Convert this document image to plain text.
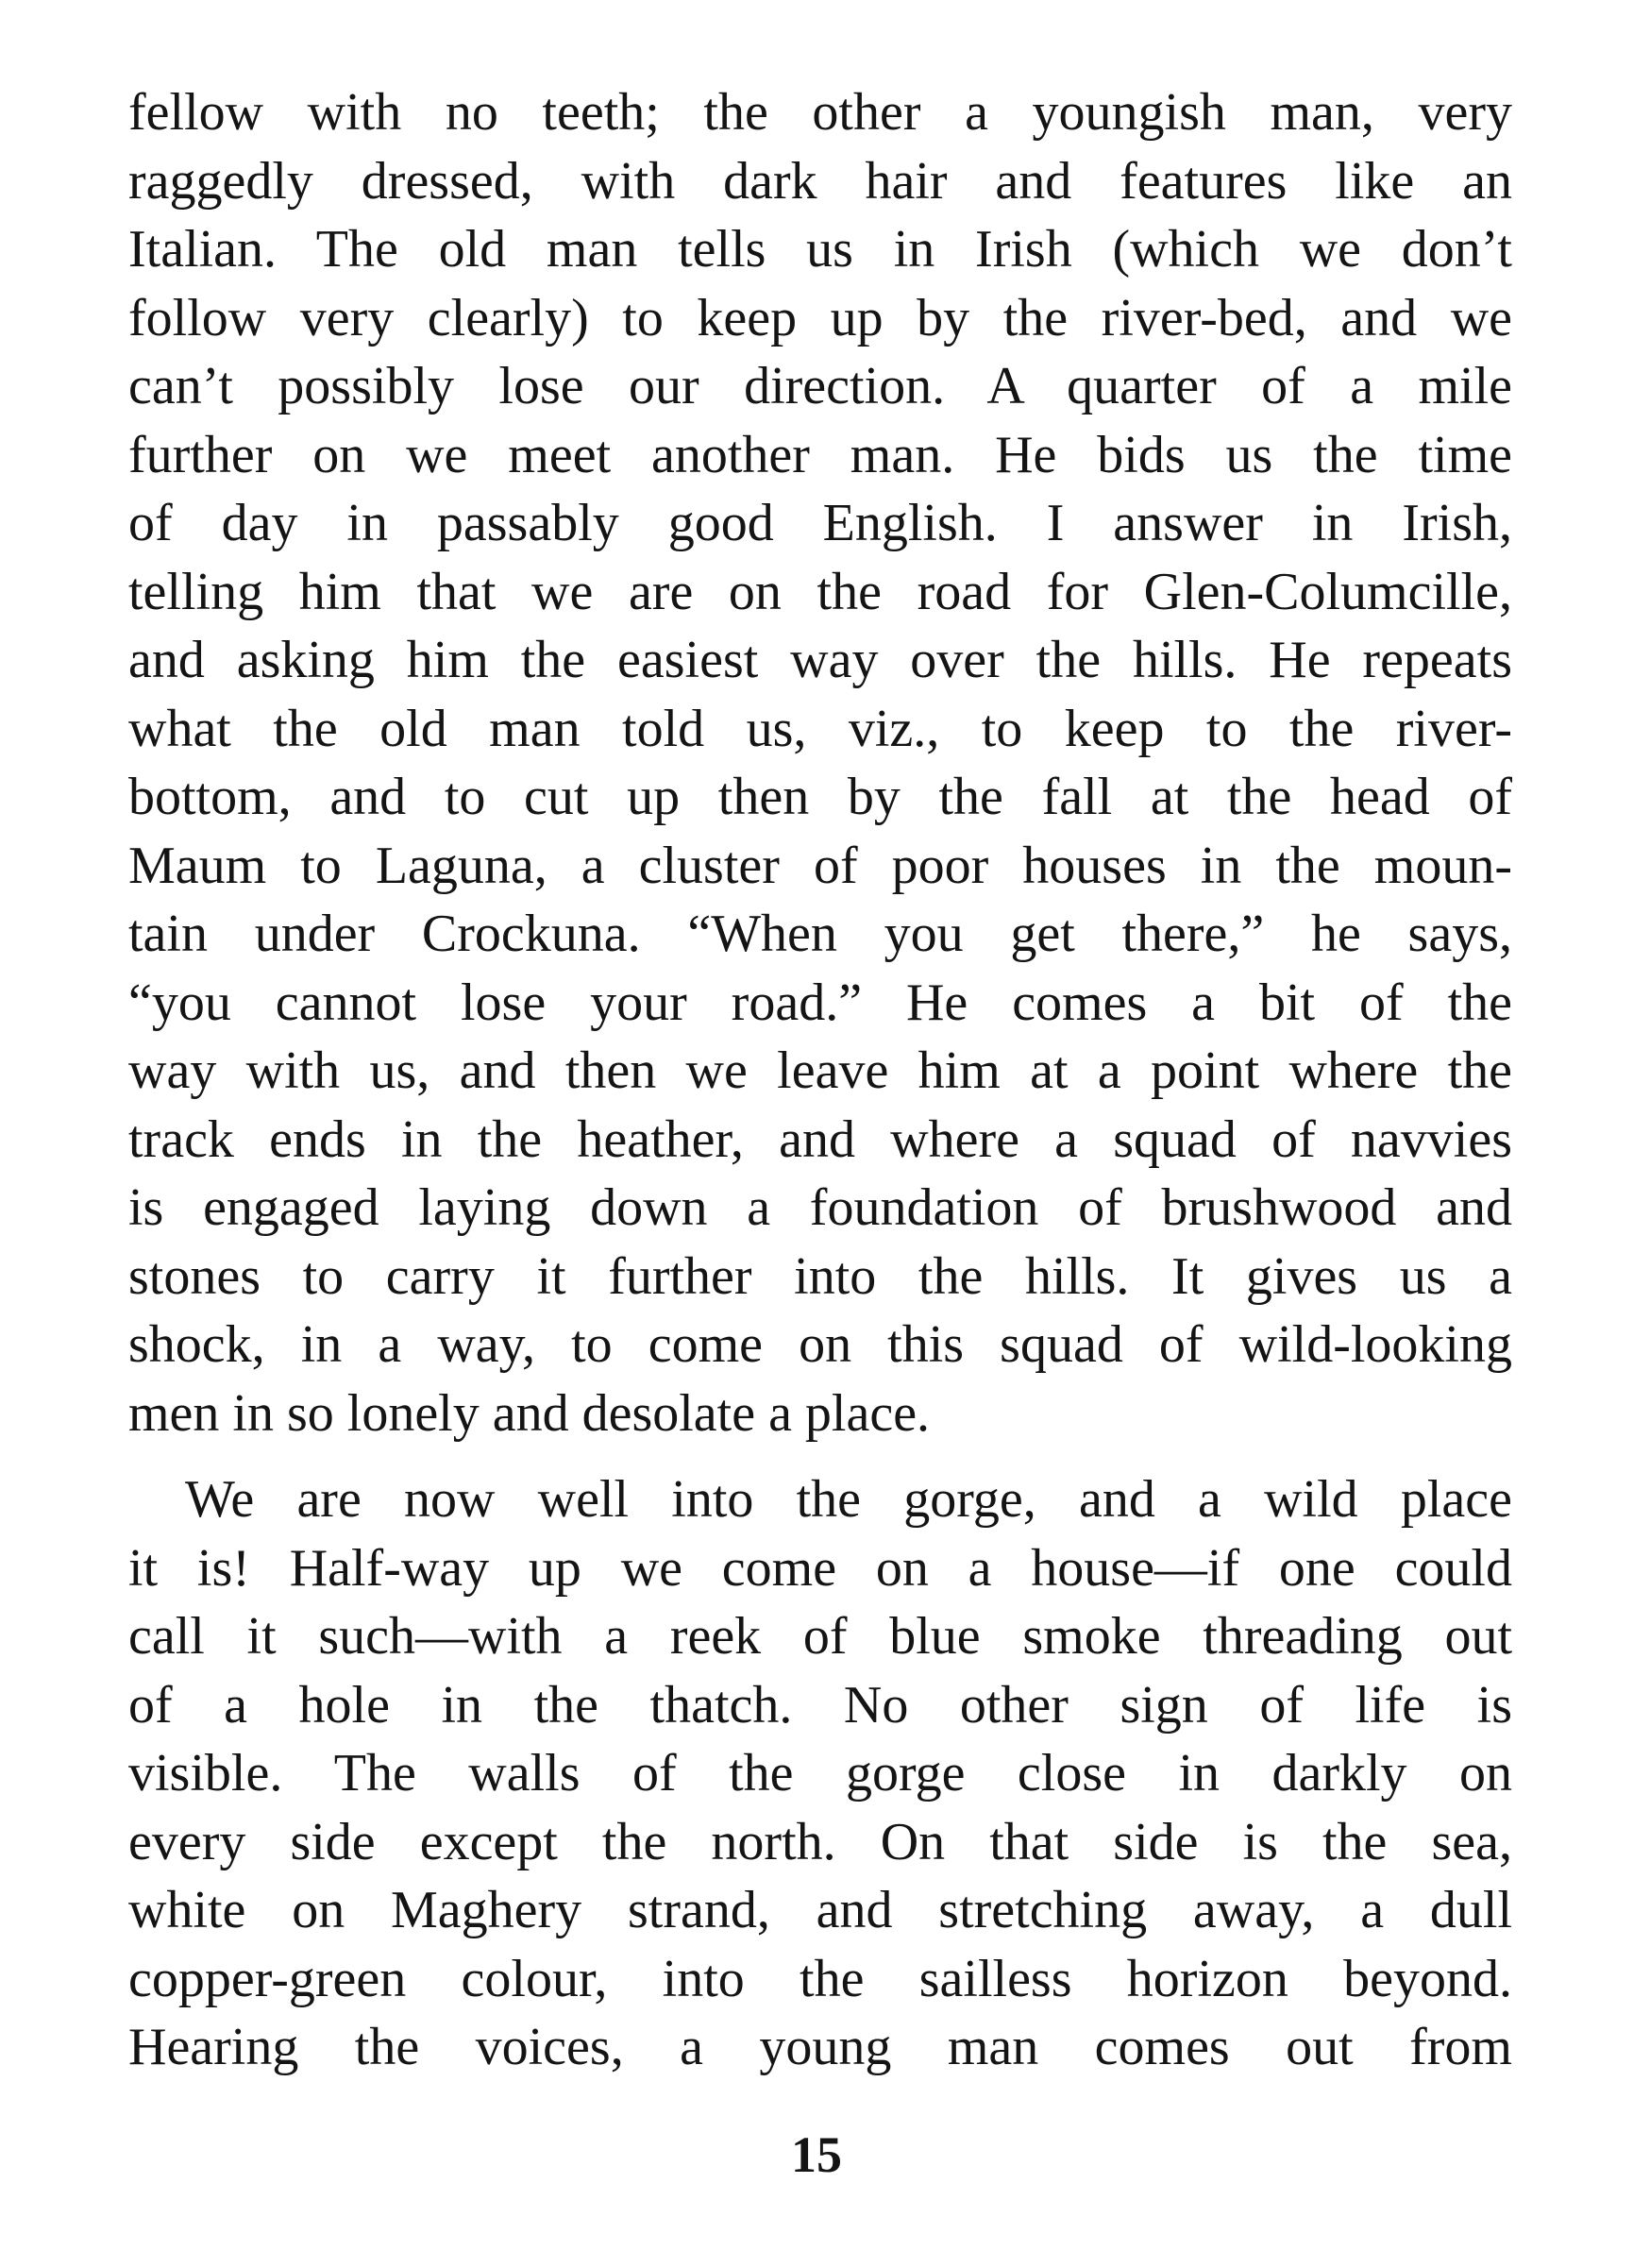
fellow with no teeth; the other a youngish man, very
raggedly dressed, with dark hair and features like an
Italian. The old man tells us in Irish (which we don’t
follow very clearly) to keep up by the river-bed, and we
can’t possibly lose our direction. A quarter of a mile
further on we meet another man. He bids us the time
of day in passably good English. I answer in Irish,
telling him that we are on the road for Glen-Columcille,
and asking him the easiest way over the hills. He repeats
what the old man told us, viz., to keep to the river-
bottom, and to cut up then by the fall at the head of
Maum to Laguna, a cluster of poor houses in the moun-
tain under Crockuna. “When you get there,” he says,
“you cannot lose your road.” He comes a bit of the
way with us, and then we leave him at a point where the
track ends in the heather, and where a squad of navvies
is engaged laying down a foundation of brushwood and
stones to carry it further into the hills. It gives us a
shock, in a way, to come on this squad of wild-looking
men in so lonely and desolate a place.
We are now well into the gorge, and a wild place
it is! Half-way up we come on a house—if one could
call it such—with a reek of blue smoke threading out
of a hole in the thatch. No other sign of life is
visible. The walls of the gorge close in darkly on
every side except the north. On that side is the sea,
white on Maghery strand, and stretching away, a dull
copper-green colour, into the sailless horizon beyond.
Hearing the voices, a young man comes out from
15
